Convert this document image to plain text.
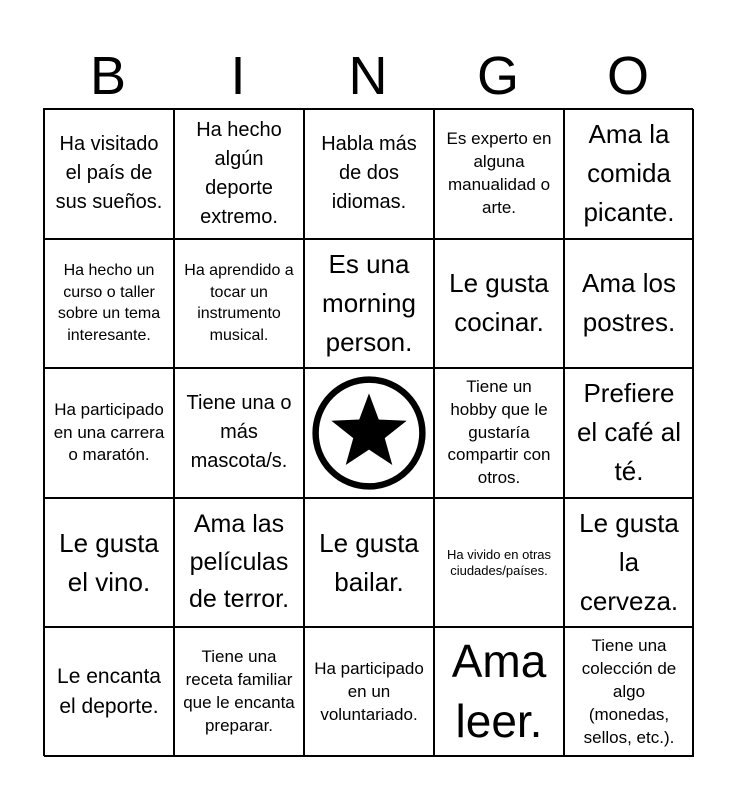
B	I	N	G	O
Ha visitado el país de sus sueños.
Ha hecho algún deporte extremo.
Habla más de dos idiomas.
Es experto en alguna manualidad o arte.
Ama la comida picante.
Ha hecho un curso o taller sobre un tema interesante.
Ha aprendido a tocar un instrumento musical.
Es una morning person.
Le gusta cocinar.
Ama los postres.
Ha participado en una carrera o maratón.
Tiene una o más mascota/s.
Tiene un hobby que le gustaría compartir con otros.
Prefiere el café al té.
Le gusta el vino.
Ama las películas de terror.
Le gusta bailar.
Ha vivido en otras ciudades/países.
Le gusta la cerveza.
Le encanta el deporte.
Tiene una receta familiar que le encanta preparar.
Ha participado en un voluntariado.
Ama leer.
Tiene una colección de algo (monedas, sellos, etc.).
